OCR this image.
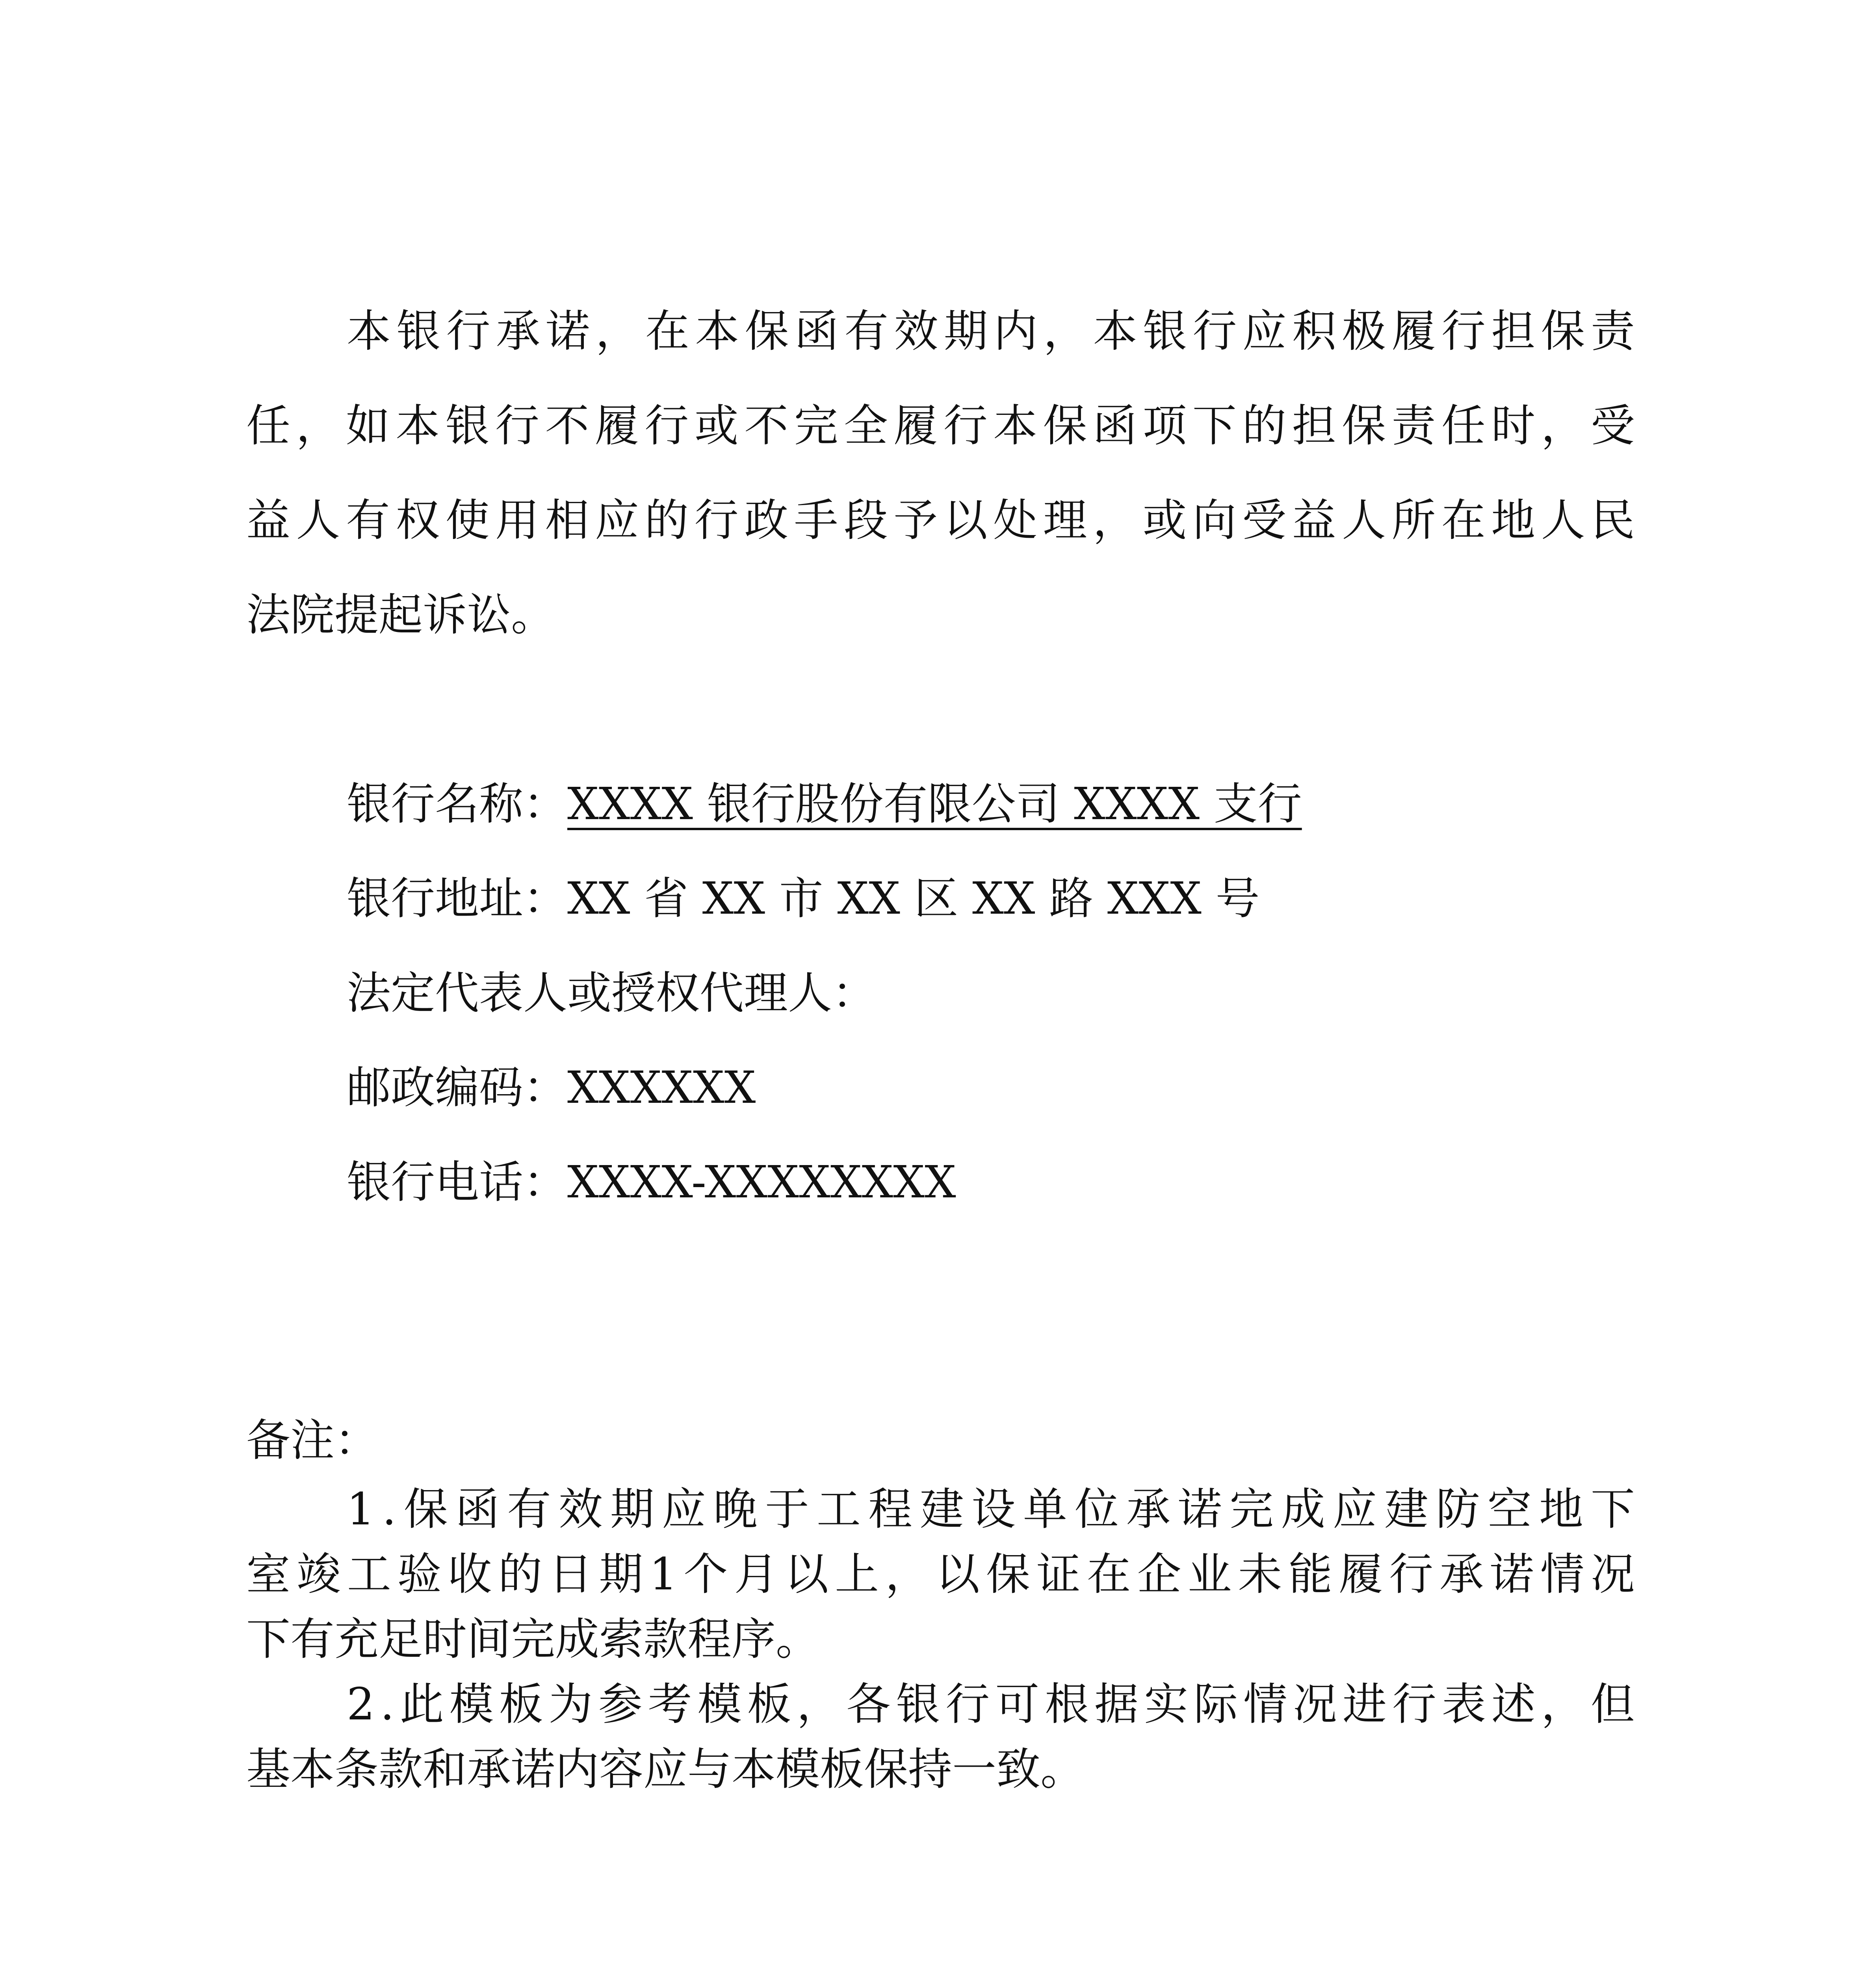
本 银 行 承 诺 ， 在 本 保 函 有 效 期 内 ， 本 银 行 应 积 极 履 行 担 保 责
任 ， 如 本 银 行 不 履 行 或 不 完 全 履 行 本 保 函 项 下 的 担 保 责 任 时 ， 受
益 人 有 权 使 用 相 应 的 行 政 手 段 予 以 处 理 ， 或 向 受 益 人 所 在 地 人 民
法院提起诉讼。
银行名称：XXXX 银行股份有限公司 XXXX 支行
银行地址：XX 省 XX 市 XX 区 XX 路 XXX 号
法定代表人或授权代理人：
邮政编码：XXXXXX
银行电话：XXXX-XXXXXXXX
备注：
1 . 保 函 有 效 期 应 晚 于 工 程 建 设 单 位 承 诺 完 成 应 建 防 空 地 下
室 竣 工 验 收 的 日 期 1 个 月 以 上 ， 以 保 证 在 企 业 未 能 履 行 承 诺 情 况
下有充足时间完成索款程序。
2 . 此 模 板 为 参 考 模 板 ， 各 银 行 可 根 据 实 际 情 况 进 行 表 述 ， 但
基本条款和承诺内容应与本模板保持一致。
